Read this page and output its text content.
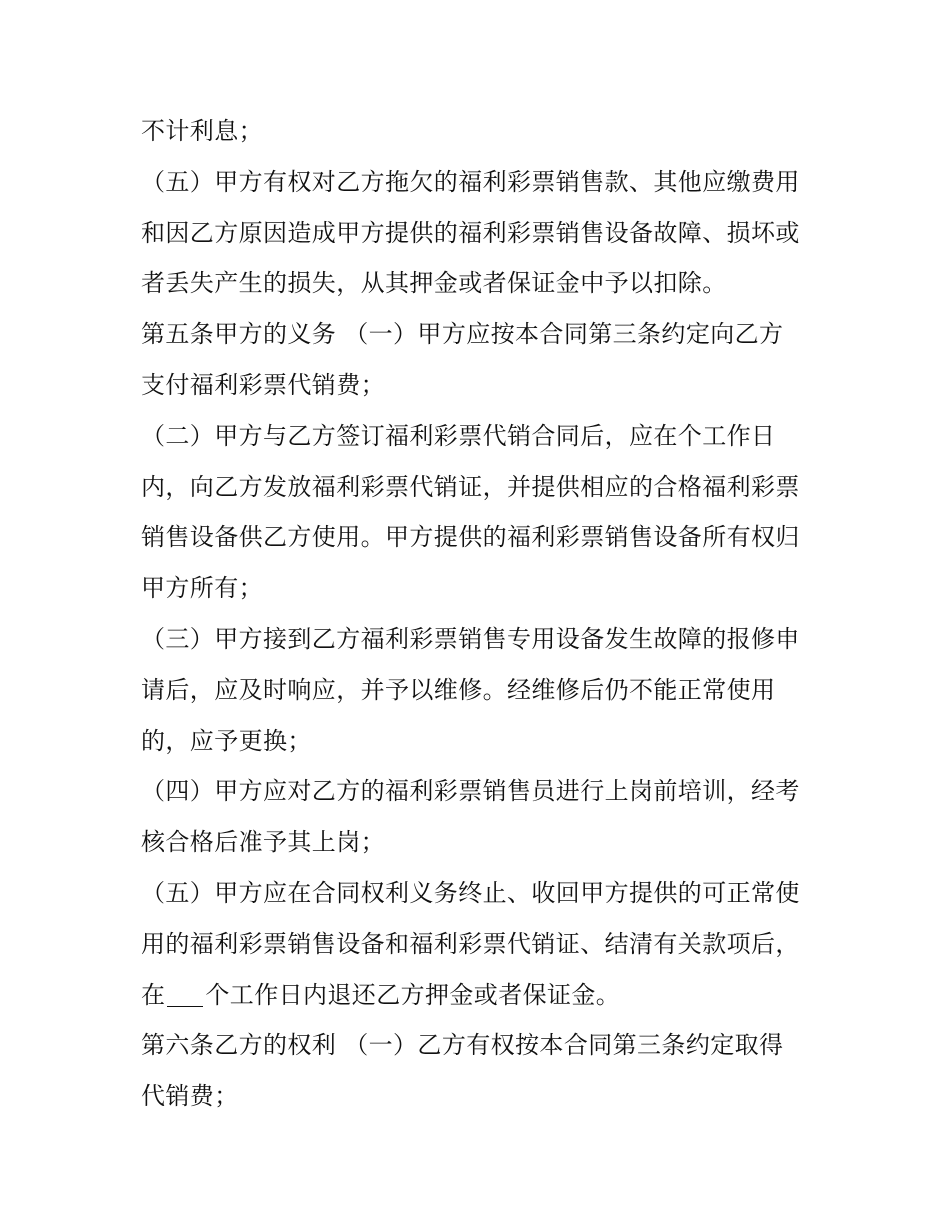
不计利息；
（五）甲方有权对乙方拖欠的福利彩票销售款、其他应缴费用
和因乙方原因造成甲方提供的福利彩票销售设备故障、损坏或
者丢失产生的损失，从其押金或者保证金中予以扣除。
第五条甲方的义务 （一）甲方应按本合同第三条约定向乙方
支付福利彩票代销费；
（二）甲方与乙方签订福利彩票代销合同后，应在个工作日
内，向乙方发放福利彩票代销证，并提供相应的合格福利彩票
销售设备供乙方使用。甲方提供的福利彩票销售设备所有权归
甲方所有；
（三）甲方接到乙方福利彩票销售专用设备发生故障的报修申
请后，应及时响应，并予以维修。经维修后仍不能正常使用
的，应予更换；
（四）甲方应对乙方的福利彩票销售员进行上岗前培训，经考
核合格后准予其上岗；
（五）甲方应在合同权利义务终止、收回甲方提供的可正常使
用的福利彩票销售设备和福利彩票代销证、结清有关款项后，
在 个工作日内退还乙方押金或者保证金。
第六条乙方的权利 （一）乙方有权按本合同第三条约定取得
代销费；
